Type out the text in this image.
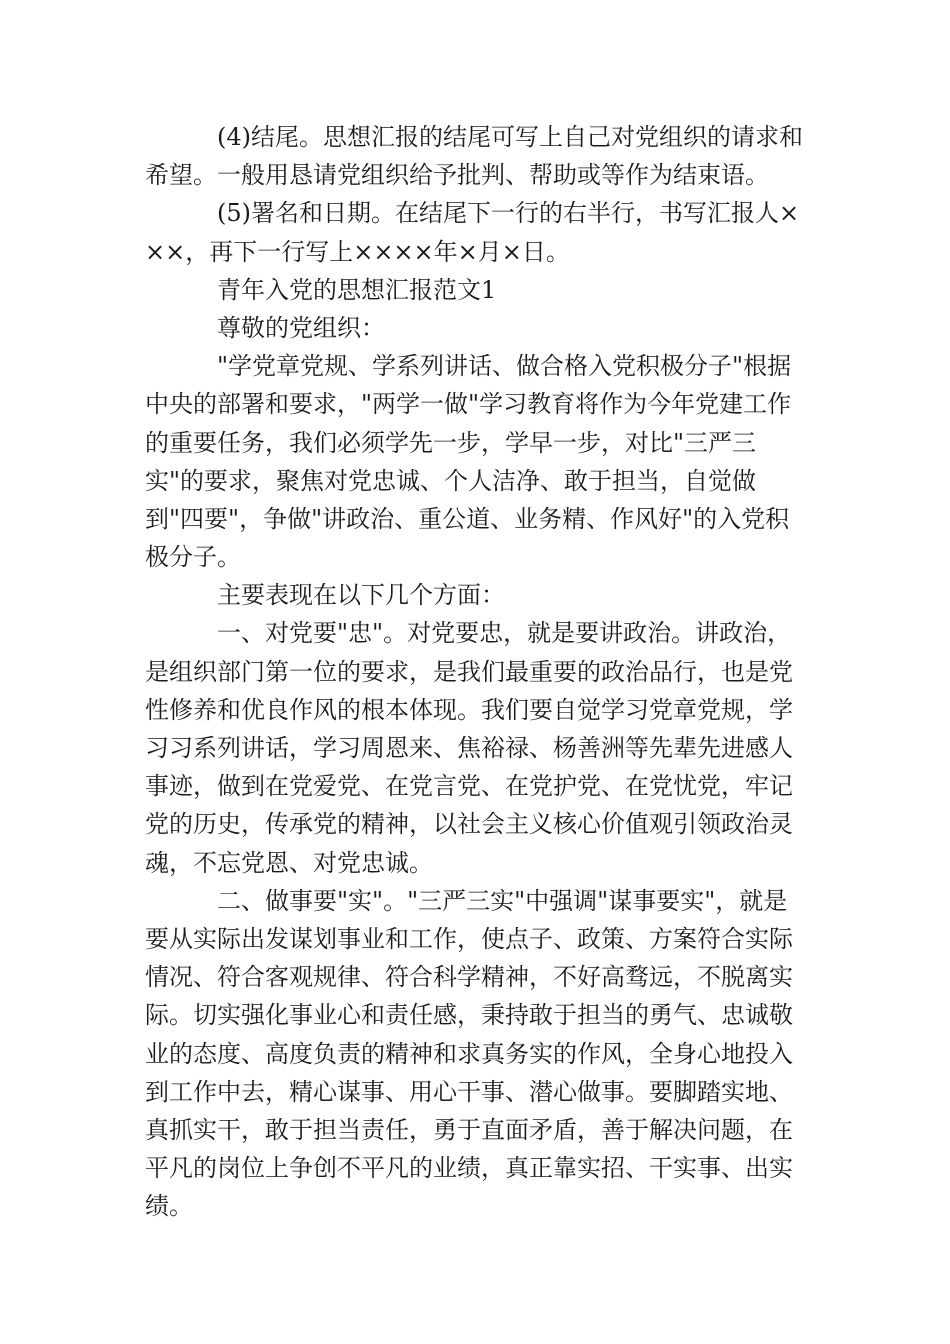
(4)结尾。思想汇报的结尾可写上自己对党组织的请求和
希望。一般用恳请党组织给予批判、帮助或等作为结束语。
(5)署名和日期。在结尾下一行的右半行，书写汇报人×
××，再下一行写上××××年×月×日。
青年入党的思想汇报范文1
尊敬的党组织：
"学党章党规、学系列讲话、做合格入党积极分子"根据
中央的部署和要求，"两学一做"学习教育将作为今年党建工作
的重要任务，我们必须学先一步，学早一步，对比"三严三
实"的要求，聚焦对党忠诚、个人洁净、敢于担当，自觉做
到"四要"，争做"讲政治、重公道、业务精、作风好"的入党积
极分子。
主要表现在以下几个方面：
一、对党要"忠"。对党要忠，就是要讲政治。讲政治，
是组织部门第一位的要求，是我们最重要的政治品行，也是党
性修养和优良作风的根本体现。我们要自觉学习党章党规，学
习习系列讲话，学习周恩来、焦裕禄、杨善洲等先辈先进感人
事迹，做到在党爱党、在党言党、在党护党、在党忧党，牢记
党的历史，传承党的精神，以社会主义核心价值观引领政治灵
魂，不忘党恩、对党忠诚。
二、做事要"实"。"三严三实"中强调"谋事要实"，就是
要从实际出发谋划事业和工作，使点子、政策、方案符合实际
情况、符合客观规律、符合科学精神，不好高骛远，不脱离实
际。切实强化事业心和责任感，秉持敢于担当的勇气、忠诚敬
业的态度、高度负责的精神和求真务实的作风，全身心地投入
到工作中去，精心谋事、用心干事、潜心做事。要脚踏实地、
真抓实干，敢于担当责任，勇于直面矛盾，善于解决问题，在
平凡的岗位上争创不平凡的业绩，真正靠实招、干实事、出实
绩。
